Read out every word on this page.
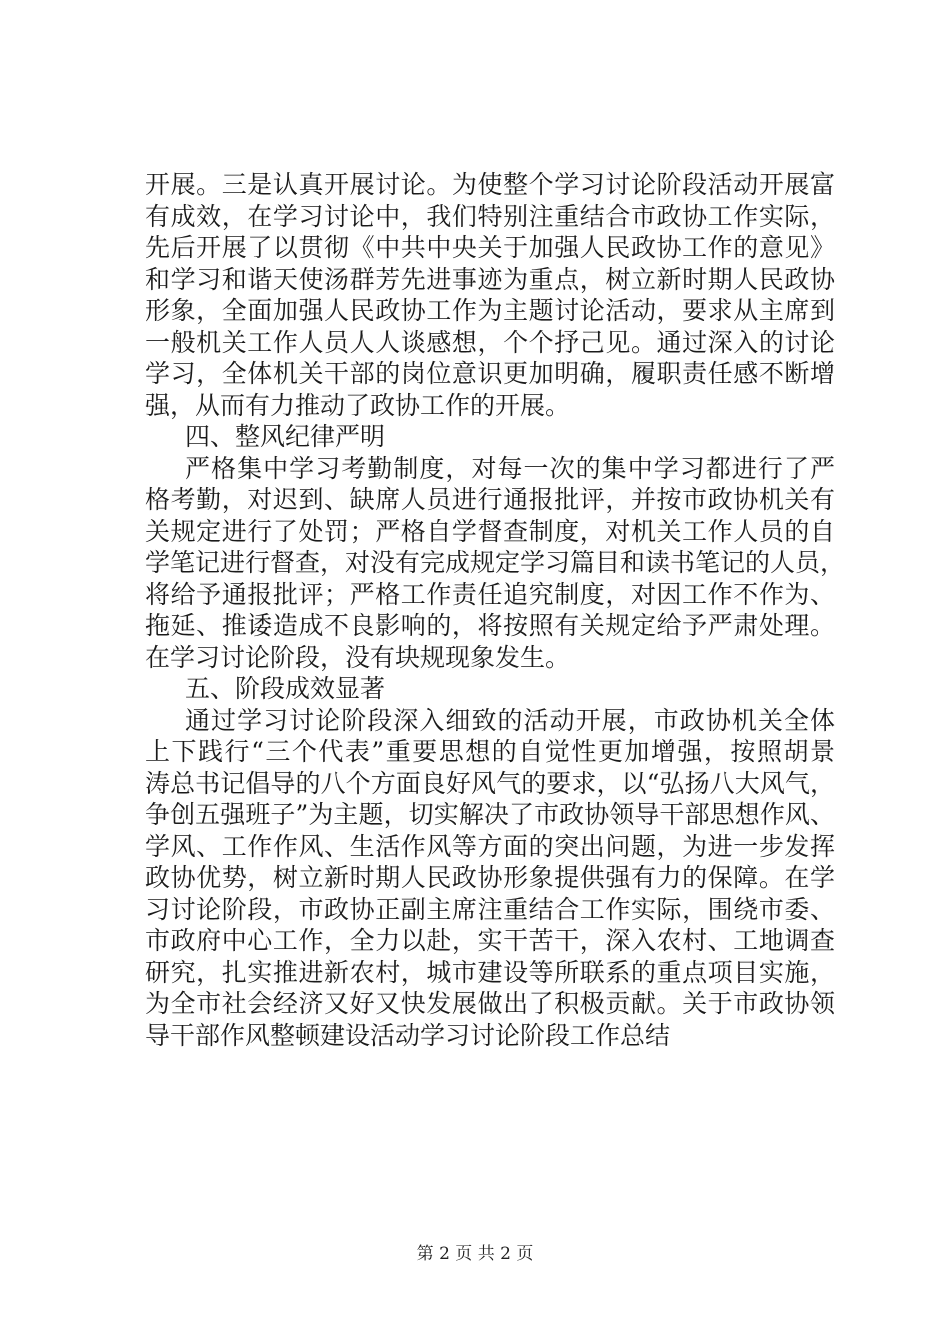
开展。三是认真开展讨论。为使整个学习讨论阶段活动开展富
有成效，在学习讨论中，我们特别注重结合市政协工作实际，
先后开展了以贯彻《中共中央关于加强人民政协工作的意见》
和学习和谐天使汤群芳先进事迹为重点，树立新时期人民政协
形象，全面加强人民政协工作为主题讨论活动，要求从主席到
一般机关工作人员人人谈感想，个个抒己见。通过深入的讨论
学习，全体机关干部的岗位意识更加明确，履职责任感不断增
强，从而有力推动了政协工作的开展。
四、整风纪律严明
严格集中学习考勤制度，对每一次的集中学习都进行了严
格考勤，对迟到、缺席人员进行通报批评，并按市政协机关有
关规定进行了处罚；严格自学督查制度，对机关工作人员的自
学笔记进行督查，对没有完成规定学习篇目和读书笔记的人员，
将给予通报批评；严格工作责任追究制度，对因工作不作为、
拖延、推诿造成不良影响的，将按照有关规定给予严肃处理。
在学习讨论阶段，没有块规现象发生。
五、阶段成效显著
通过学习讨论阶段深入细致的活动开展，市政协机关全体
上下践行“三个代表”重要思想的自觉性更加增强，按照胡景
涛总书记倡导的八个方面良好风气的要求，以“弘扬八大风气，
争创五强班子”为主题，切实解决了市政协领导干部思想作风、
学风、工作作风、生活作风等方面的突出问题，为进一步发挥
政协优势，树立新时期人民政协形象提供强有力的保障。在学
习讨论阶段，市政协正副主席注重结合工作实际，围绕市委、
市政府中心工作，全力以赴，实干苦干，深入农村、工地调查
研究，扎实推进新农村，城市建设等所联系的重点项目实施，
为全市社会经济又好又快发展做出了积极贡献。关于市政协领
导干部作风整顿建设活动学习讨论阶段工作总结
第 2 页 共 2 页
